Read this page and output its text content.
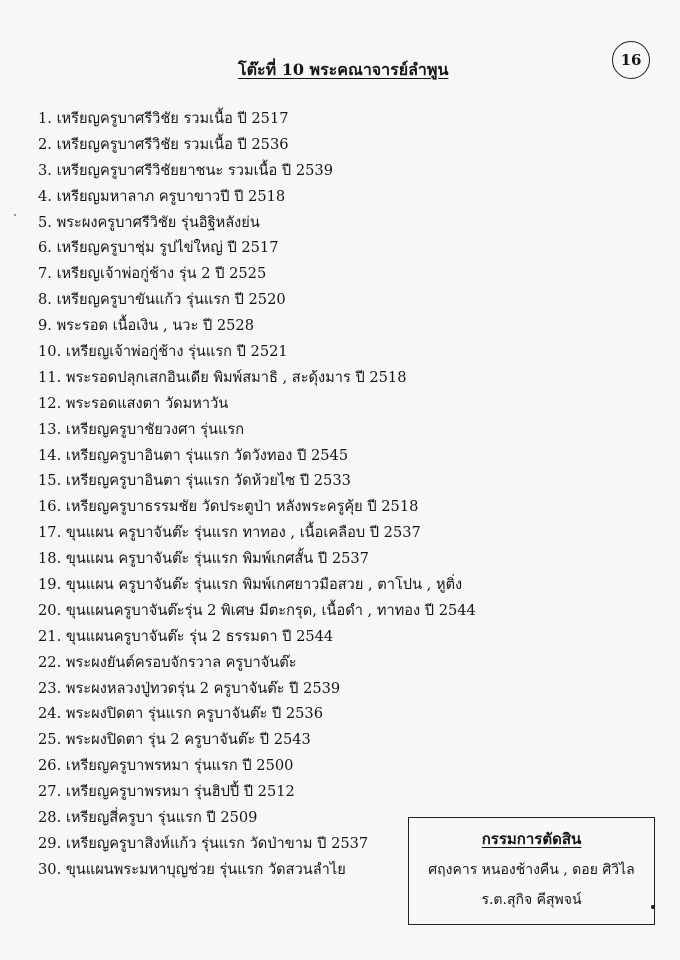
โต๊ะที่ 10 พระคณาจารย์ลำพูน	16
1. เหรียญครูบาศรีวิชัย รวมเนื้อ ปี 2517
2. เหรียญครูบาศรีวิชัย รวมเนื้อ ปี 2536
3. เหรียญครูบาศรีวิชัยยาชนะ รวมเนื้อ ปี 2539
4. เหรียญมหาลาภ ครูบาขาวปี ปี 2518
5. พระผงครูบาศรีวิชัย รุ่นอิฐิหลังย่น
6. เหรียญครูบาชุ่ม รูปไข่ใหญ่ ปี 2517
7. เหรียญเจ้าพ่อกู่ช้าง รุ่น 2 ปี 2525
8. เหรียญครูบาขันแก้ว รุ่นแรก ปี 2520
9. พระรอด เนื้อเงิน , นวะ ปี 2528
10. เหรียญเจ้าพ่อกู่ช้าง รุ่นแรก ปี 2521
11. พระรอดปลุกเสกอินเดีย พิมพ์สมาธิ , สะดุ้งมาร ปี 2518
12. พระรอดแสงตา วัดมหาวัน
13. เหรียญครูบาชัยวงศา รุ่นแรก
14. เหรียญครูบาอินตา รุ่นแรก วัดวังทอง ปี 2545
15. เหรียญครูบาอินตา รุ่นแรก วัดห้วยไซ ปี 2533
16. เหรียญครูบาธรรมชัย วัดประตูป่า หลังพระครูคุ้ย ปี 2518
17. ขุนแผน ครูบาจันต๊ะ รุ่นแรก ทาทอง , เนื้อเคลือบ ปี 2537
18. ขุนแผน ครูบาจันต๊ะ รุ่นแรก พิมพ์เกศสั้น ปี 2537
19. ขุนแผน ครูบาจันต๊ะ รุ่นแรก พิมพ์เกศยาวมือสวย , ตาโปน , หูติ่ง
20. ขุนแผนครูบาจันต๊ะรุ่น 2 พิเศษ มีตะกรุด, เนื้อดำ , ทาทอง ปี 2544
21. ขุนแผนครูบาจันต๊ะ รุ่น 2 ธรรมดา ปี 2544
22. พระผงยันต์ครอบจักรวาล ครูบาจันต๊ะ
23. พระผงหลวงปู่ทวดรุ่น 2 ครูบาจันต๊ะ ปี 2539
24. พระผงปิดตา รุ่นแรก ครูบาจันต๊ะ ปี 2536
25. พระผงปิดตา รุ่น 2 ครูบาจันต๊ะ ปี 2543
26. เหรียญครูบาพรหมา รุ่นแรก ปี 2500
27. เหรียญครูบาพรหมา รุ่นฮิปปี้ ปี 2512
28. เหรียญสี่ครูบา รุ่นแรก ปี 2509
29. เหรียญครูบาสิงห์แก้ว รุ่นแรก วัดป่าขาม ปี 2537
30. ขุนแผนพระมหาบุญช่วย รุ่นแรก วัดสวนลำไย
กรรมการตัดสิน
ศฤงคาร หนองช้างคืน , ดอย ศิวิไล
ร.ต.สุกิจ คีสุพจน์
